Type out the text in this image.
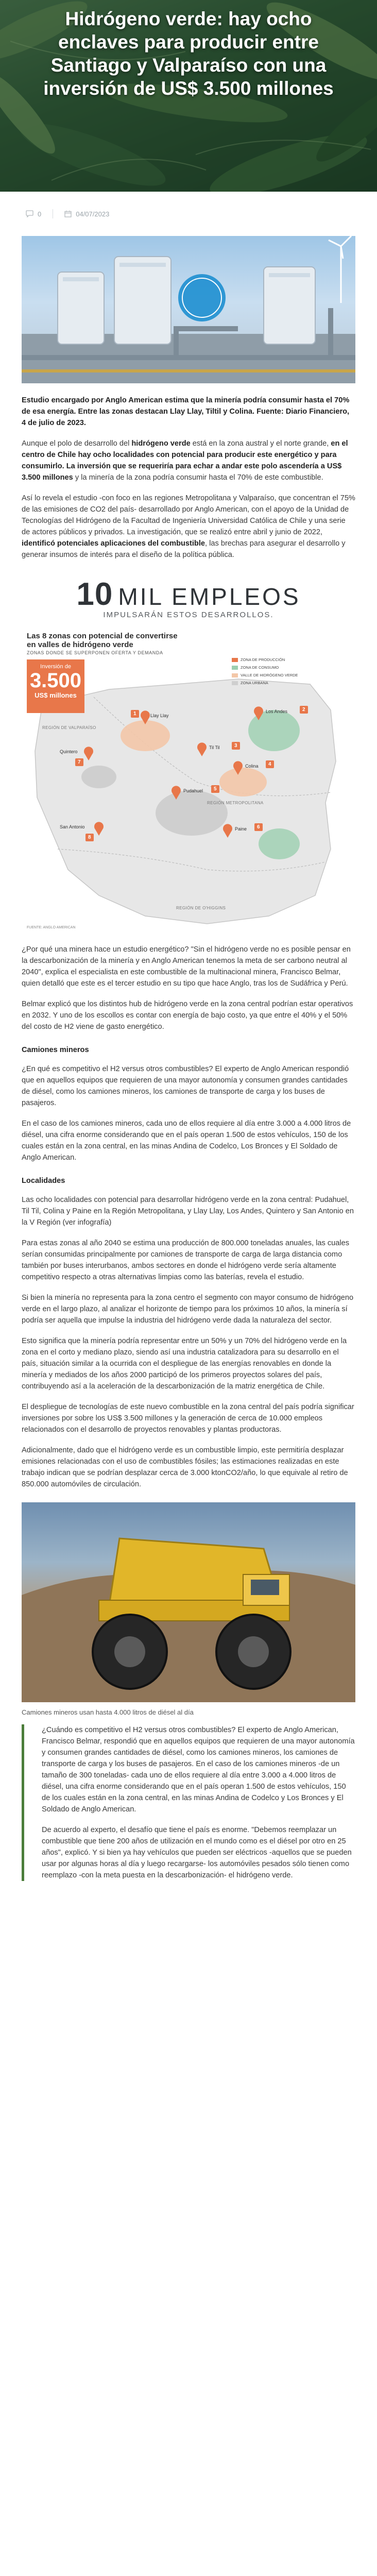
Hidrógeno verde: hay ocho enclaves para producir entre Santiago y Valparaíso con una inversión de US$ 3.500 millones
0	04/07/2023

Estudio encargado por Anglo American estima que la minería podría consumir hasta el 70% de esa energía. Entre las zonas destacan Llay Llay, Tiltil y Colina. Fuente: Diario Financiero, 4 de julio de 2023.

Aunque el polo de desarrollo del hidrógeno verde está en la zona austral y el norte grande, en el centro de Chile hay ocho localidades con potencial para producir este energético y para consumirlo. La inversión que se requeriría para echar a andar este polo ascendería a US$ 3.500 millones y la minería de la zona podría consumir hasta el 70% de este combustible.

Así lo revela el estudio -con foco en las regiones Metropolitana y Valparaíso, que concentran el 75% de las emisiones de CO2 del país- desarrollado por Anglo American, con el apoyo de la Unidad de Tecnologías del Hidrógeno de la Facultad de Ingeniería Universidad Católica de Chile y una serie de actores públicos y privados. La investigación, que se realizó entre abril y junio de 2022, identificó potenciales aplicaciones del combustible, las brechas para asegurar el desarrollo y generar insumos de interés para el diseño de la política pública.

10 MIL EMPLEOS
IMPULSARÁN ESTOS DESARROLLOS.
Las 8 zonas con potencial de convertirse en valles de hidrógeno verde
ZONAS DONDE SE SUPERPONEN OFERTA Y DEMANDA
Inversión de
3.500
US$ millones
ZONA DE PRODUCCIÓN
ZONA DE CONSUMO
VALLE DE HIDRÓGENO VERDE
ZONA URBANA
REGIÓN DE VALPARAÍSO
REGIÓN METROPOLITANA
REGIÓN DE O'HIGGINS
Llay Llay
1	Los Andes	2
Til Til	3
Colina	4
Pudahuel	5
Paine	6
Quintero
7
San Antonio
8
FUENTE: ANGLO AMERICAN

¿Por qué una minera hace un estudio energético? "Sin el hidrógeno verde no es posible pensar en la descarbonización de la minería y en Anglo American tenemos la meta de ser carbono neutral al 2040", explica el especialista en este combustible de la multinacional minera, Francisco Belmar, quien detalló que este es el tercer estudio en su tipo que hace Anglo, tras los de Sudáfrica y Perú.

Belmar explicó que los distintos hub de hidrógeno verde en la zona central podrían estar operativos en 2032. Y uno de los escollos es contar con energía de bajo costo, ya que entre el 40% y el 50% del costo de H2 viene de gasto energético.

Camiones mineros

¿En qué es competitivo el H2 versus otros combustibles? El experto de Anglo American respondió que en aquellos equipos que requieren de una mayor autonomía y consumen grandes cantidades de diésel, como los camiones mineros, los camiones de transporte de carga y los buses de pasajeros.

En el caso de los camiones mineros, cada uno de ellos requiere al día entre 3.000 a 4.000 litros de diésel, una cifra enorme considerando que en el país operan 1.500 de estos vehículos, 150 de los cuales están en la zona central, en las minas Andina de Codelco, Los Bronces y El Soldado de Anglo American.

Localidades

Las ocho localidades con potencial para desarrollar hidrógeno verde en la zona central: Pudahuel, Til Til, Colina y Paine en la Región Metropolitana, y Llay Llay, Los Andes, Quintero y San Antonio en la V Región (ver infografía)

Para estas zonas al año 2040 se estima una producción de 800.000 toneladas anuales, las cuales serían consumidas principalmente por camiones de transporte de carga de larga distancia como también por buses interurbanos, ambos sectores en donde el hidrógeno verde sería altamente competitivo respecto a otras alternativas limpias como las baterías, revela el estudio.

Si bien la minería no representa para la zona centro el segmento con mayor consumo de hidrógeno verde en el largo plazo, al analizar el horizonte de tiempo para los próximos 10 años, la minería sí podría ser aquella que impulse la industria del hidrógeno verde dada la naturaleza del sector.

Esto significa que la minería podría representar entre un 50% y un 70% del hidrógeno verde en la zona en el corto y mediano plazo, siendo así una industria catalizadora para su desarrollo en el país, situación similar a la ocurrida con el despliegue de las energías renovables en donde la minería y mediados de los años 2000 participó de los primeros proyectos solares del país, contribuyendo así a la aceleración de la descarbonización de la matriz energética de Chile.

El despliegue de tecnologías de este nuevo combustible en la zona central del país podría significar inversiones por sobre los US$ 3.500 millones y la generación de cerca de 10.000 empleos relacionados con el desarrollo de proyectos renovables y plantas productoras.

Adicionalmente, dado que el hidrógeno verde es un combustible limpio, este permitiría desplazar emisiones relacionadas con el uso de combustibles fósiles; las estimaciones realizadas en este trabajo indican que se podrían desplazar cerca de 3.000 ktonCO2/año, lo que equivale al retiro de 850.000 automóviles de circulación.

Camiones mineros usan hasta 4.000 litros de diésel al día

¿Cuándo es competitivo el H2 versus otros combustibles? El experto de Anglo American, Francisco Belmar, respondió que en aquellos equipos que requieren de una mayor autonomía y consumen grandes cantidades de diésel, como los camiones mineros, los camiones de transporte de carga y los buses de pasajeros. En el caso de los camiones mineros -de un tamaño de 300 toneladas- cada uno de ellos requiere al día entre 3.000 a 4.000 litros de diésel, una cifra enorme considerando que en el país operan 1.500 de estos vehículos, 150 de los cuales están en la zona central, en las minas Andina de Codelco y Los Bronces y El Soldado de Anglo American.

De acuerdo al experto, el desafío que tiene el país es enorme. "Debemos reemplazar un combustible que tiene 200 años de utilización en el mundo como es el diésel por otro en 25 años", explicó. Y si bien ya hay vehículos que pueden ser eléctricos -aquellos que se pueden usar por algunas horas al día y luego recargarse- los automóviles pesados sólo tienen como reemplazo -con la meta puesta en la descarbonización- el hidrógeno verde.
